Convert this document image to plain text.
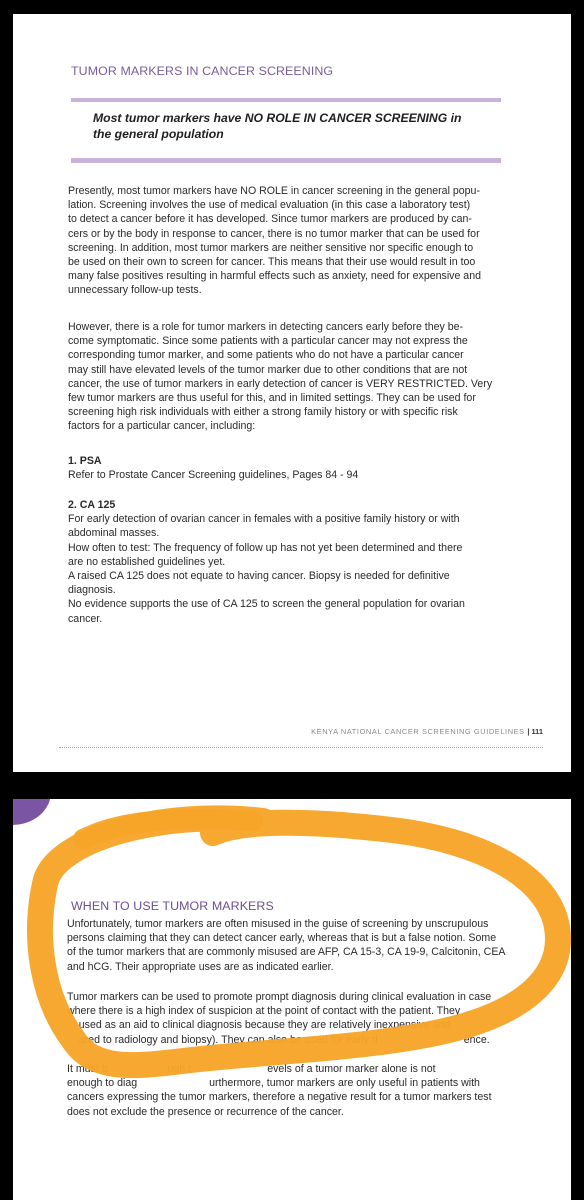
TUMOR MARKERS IN CANCER SCREENING
Most tumor markers have NO ROLE IN CANCER SCREENING in
the general population
Presently, most tumor markers have NO ROLE in cancer screening in the general popu-
lation. Screening involves the use of medical evaluation (in this case a laboratory test)
to detect a cancer before it has developed. Since tumor markers are produced by can-
cers or by the body in response to cancer, there is no tumor marker that can be used for
screening. In addition, most tumor markers are neither sensitive nor specific enough to
be used on their own to screen for cancer. This means that their use would result in too
many false positives resulting in harmful effects such as anxiety, need for expensive and
unnecessary follow-up tests.
However, there is a role for tumor markers in detecting cancers early before they be-
come symptomatic. Since some patients with a particular cancer may not express the
corresponding tumor marker, and some patients who do not have a particular cancer
may still have elevated levels of the tumor marker due to other conditions that are not
cancer, the use of tumor markers in early detection of cancer is VERY RESTRICTED. Very
few tumor markers are thus useful for this, and in limited settings. They can be used for
screening high risk individuals with either a strong family history or with specific risk
factors for a particular cancer, including:
1. PSA
Refer to Prostate Cancer Screening guidelines, Pages 84 - 94
2. CA 125
For early detection of ovarian cancer in females with a positive family history or with
abdominal masses.
How often to test: The frequency of follow up has not yet been determined and there
are no established guidelines yet.
A raised CA 125 does not equate to having cancer. Biopsy is needed for definitive
diagnosis.
No evidence supports the use of CA 125 to screen the general population for ovarian
cancer.
KENYA NATIONAL CANCER SCREENING GUIDELINES | 111
WHEN TO USE TUMOR MARKERS
Unfortunately, tumor markers are often misused in the guise of screening by unscrupulous
persons claiming that they can detect cancer early, whereas that is but a false notion. Some
of the tumor markers that are commonly misused are AFP, CA 15-3, CA 19-9, Calcitonin, CEA
and hCG. Their appropriate uses are as indicated earlier.
Tumor markers can be used to promote prompt diagnosis during clinical evaluation in case
where there is a high index of suspicion at the point of contact with the patient. They
used as an aid to clinical diagnosis because they are relatively inexpensive and
ared to radiology and biopsy). They can also be used for early d	ence.
It must b	ugh t	evels of a tumor marker alone is not
enough to diag	urthermore, tumor markers are only useful in patients with
cancers expressing the tumor markers, therefore a negative result for a tumor markers test
does not exclude the presence or recurrence of the cancer.
